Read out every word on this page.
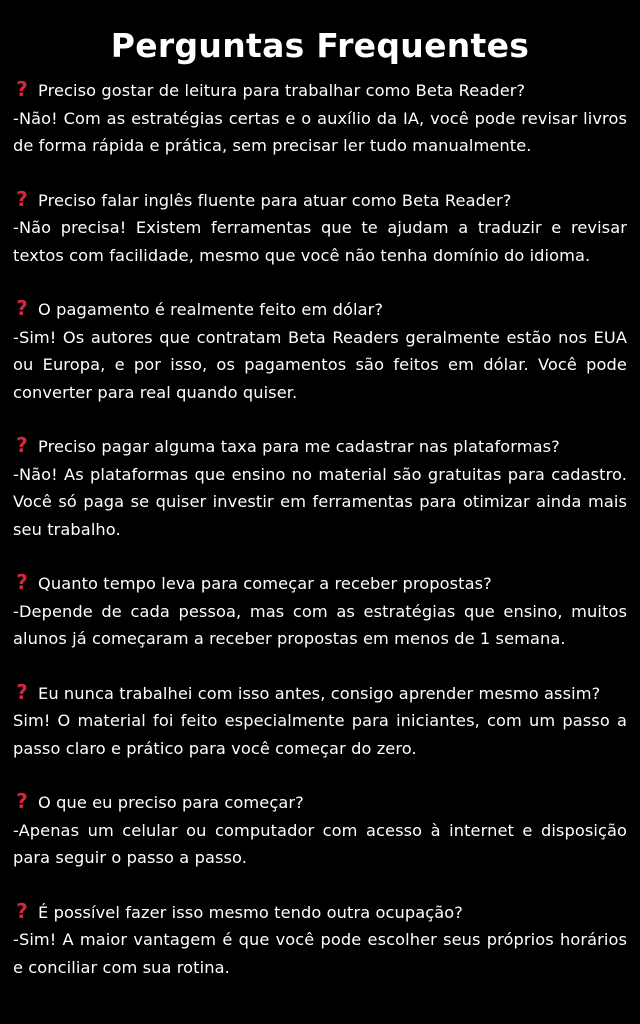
Perguntas Frequentes

? Preciso gostar de leitura para trabalhar como Beta Reader?

-Não! Com as estratégias certas e o auxílio da IA, você pode revisar livros de forma rápida e prática, sem precisar ler tudo manualmente.

? Preciso falar inglês fluente para atuar como Beta Reader?

-Não precisa! Existem ferramentas que te ajudam a traduzir e revisar textos com facilidade, mesmo que você não tenha domínio do idioma.

? O pagamento é realmente feito em dólar?

-Sim! Os autores que contratam Beta Readers geralmente estão nos EUA ou Europa, e por isso, os pagamentos são feitos em dólar. Você pode converter para real quando quiser.

? Preciso pagar alguma taxa para me cadastrar nas plataformas?

-Não! As plataformas que ensino no material são gratuitas para cadastro. Você só paga se quiser investir em ferramentas para otimizar ainda mais seu trabalho.

? Quanto tempo leva para começar a receber propostas?

-Depende de cada pessoa, mas com as estratégias que ensino, muitos alunos já começaram a receber propostas em menos de 1 semana.

? Eu nunca trabalhei com isso antes, consigo aprender mesmo assim?

Sim! O material foi feito especialmente para iniciantes, com um passo a passo claro e prático para você começar do zero.

? O que eu preciso para começar?

-Apenas um celular ou computador com acesso à internet e disposição para seguir o passo a passo.

? É possível fazer isso mesmo tendo outra ocupação?

-Sim! A maior vantagem é que você pode escolher seus próprios horários e conciliar com sua rotina.
